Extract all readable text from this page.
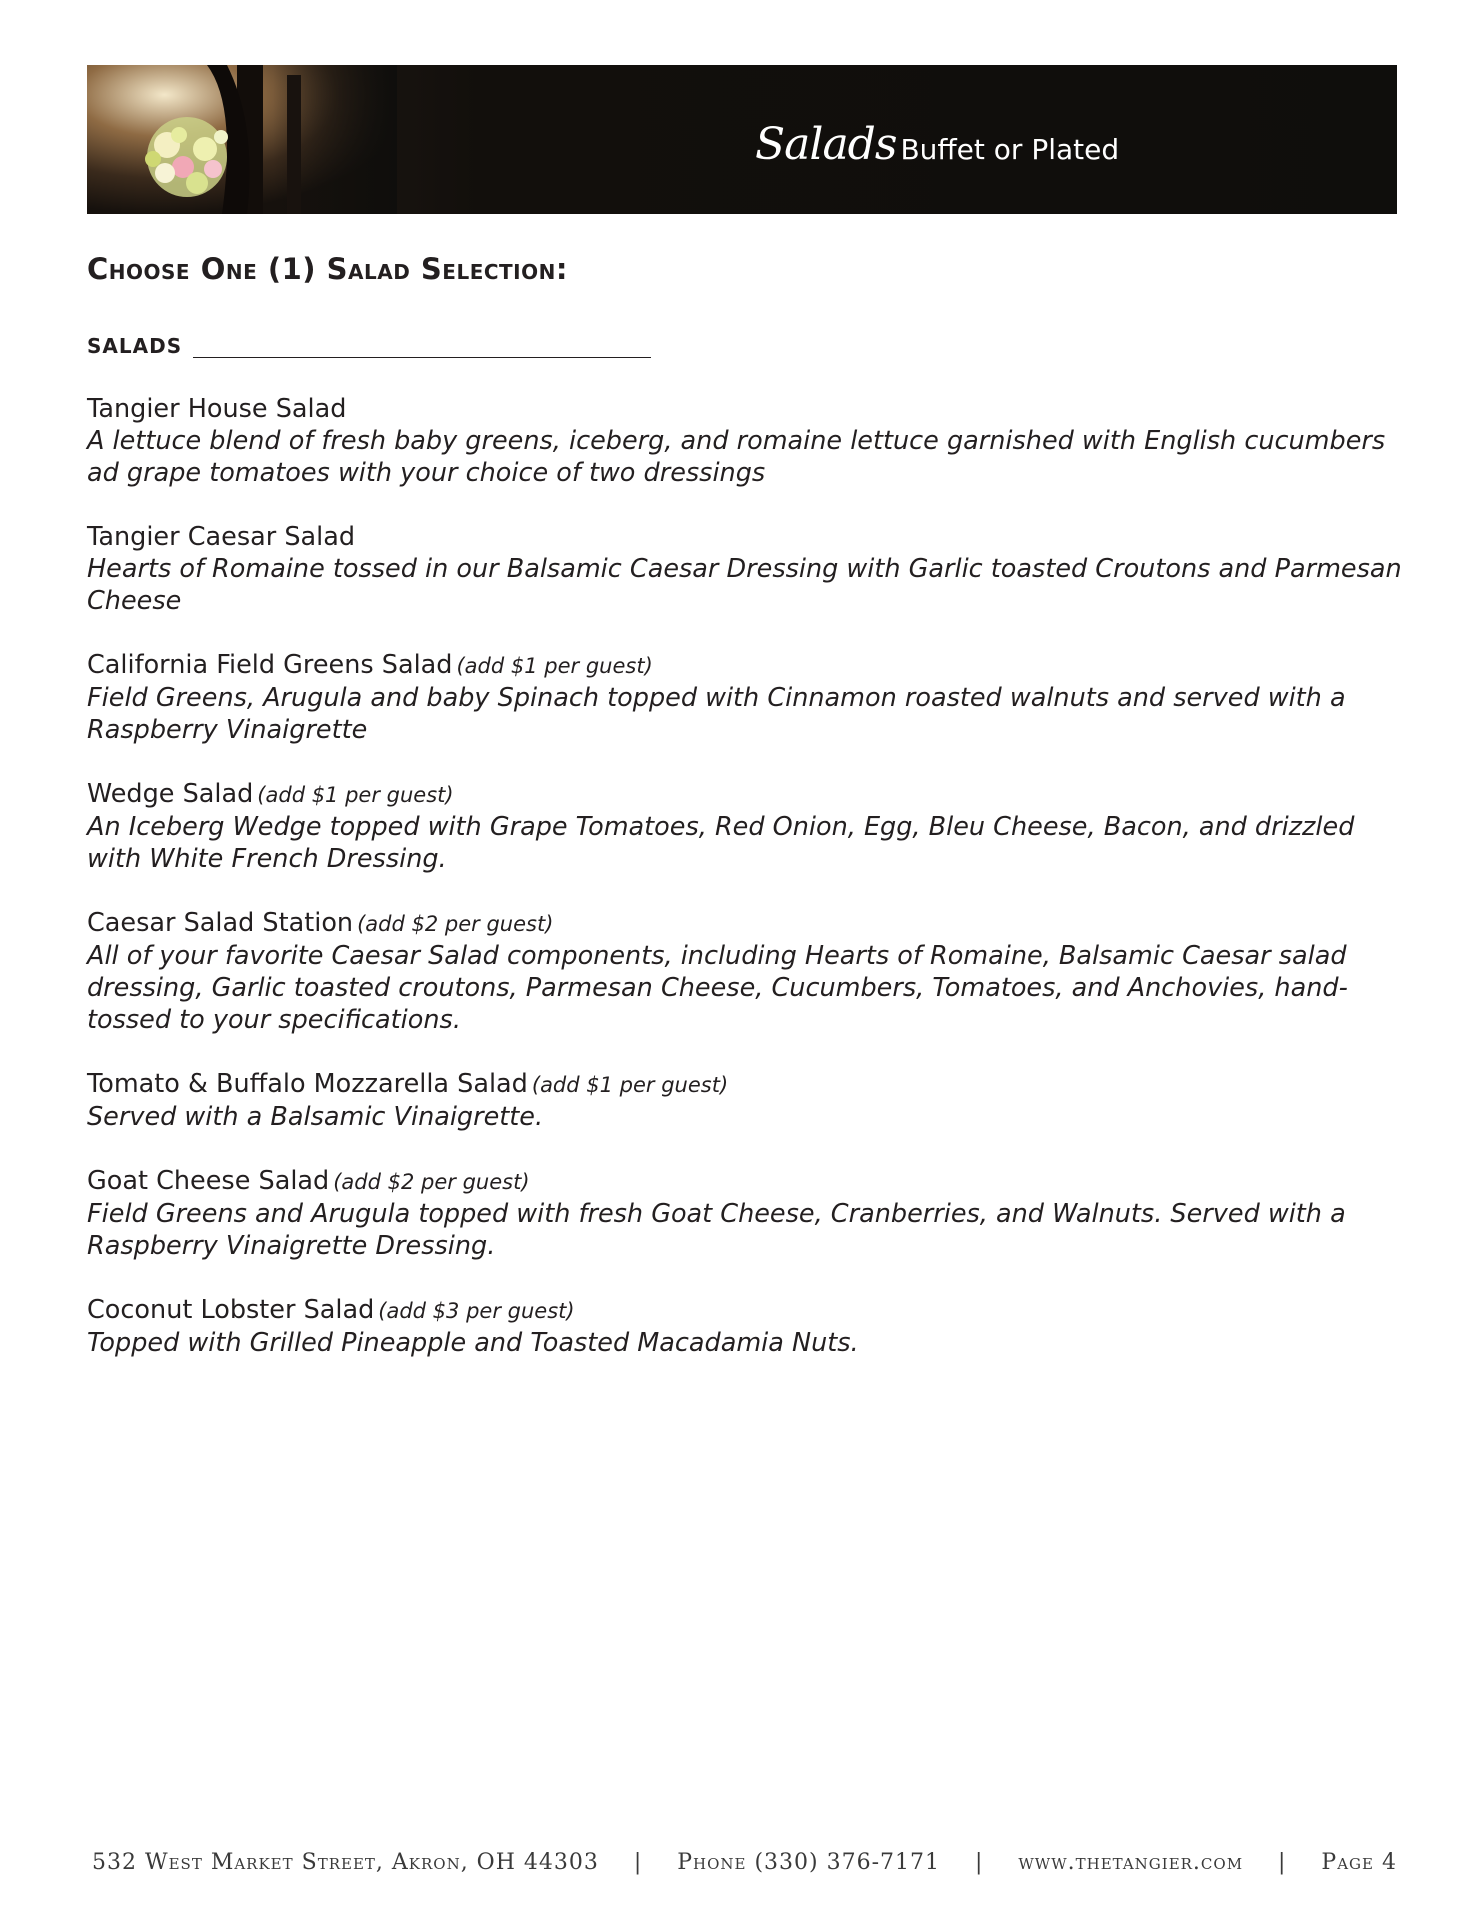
Salads Buffet or Plated
Choose One (1) Salad Selection:
SALADS
Tangier House Salad
A lettuce blend of fresh baby greens, iceberg, and romaine lettuce garnished with English cucumbers ad grape tomatoes with your choice of two dressings
Tangier Caesar Salad
Hearts of Romaine tossed in our Balsamic Caesar Dressing with Garlic toasted Croutons and Parmesan Cheese
California Field Greens Salad (add $1 per guest)
Field Greens, Arugula and baby Spinach topped with Cinnamon roasted walnuts and served with a Raspberry Vinaigrette
Wedge Salad (add $1 per guest)
An Iceberg Wedge topped with Grape Tomatoes, Red Onion, Egg, Bleu Cheese, Bacon, and drizzled with White French Dressing.
Caesar Salad Station (add $2 per guest)
All of your favorite Caesar Salad components, including Hearts of Romaine, Balsamic Caesar salad dressing, Garlic toasted croutons, Parmesan Cheese, Cucumbers, Tomatoes, and Anchovies, hand-tossed to your specifications.
Tomato & Buffalo Mozzarella Salad (add $1 per guest)
Served with a Balsamic Vinaigrette.
Goat Cheese Salad (add $2 per guest)
Field Greens and Arugula topped with fresh Goat Cheese, Cranberries, and Walnuts. Served with a Raspberry Vinaigrette Dressing.
Coconut Lobster Salad (add $3 per guest)
Topped with Grilled Pineapple and Toasted Macadamia Nuts.
532 West Market Street, Akron, OH 44303 | Phone (330) 376-7171 | www.thetangier.com | Page 4
